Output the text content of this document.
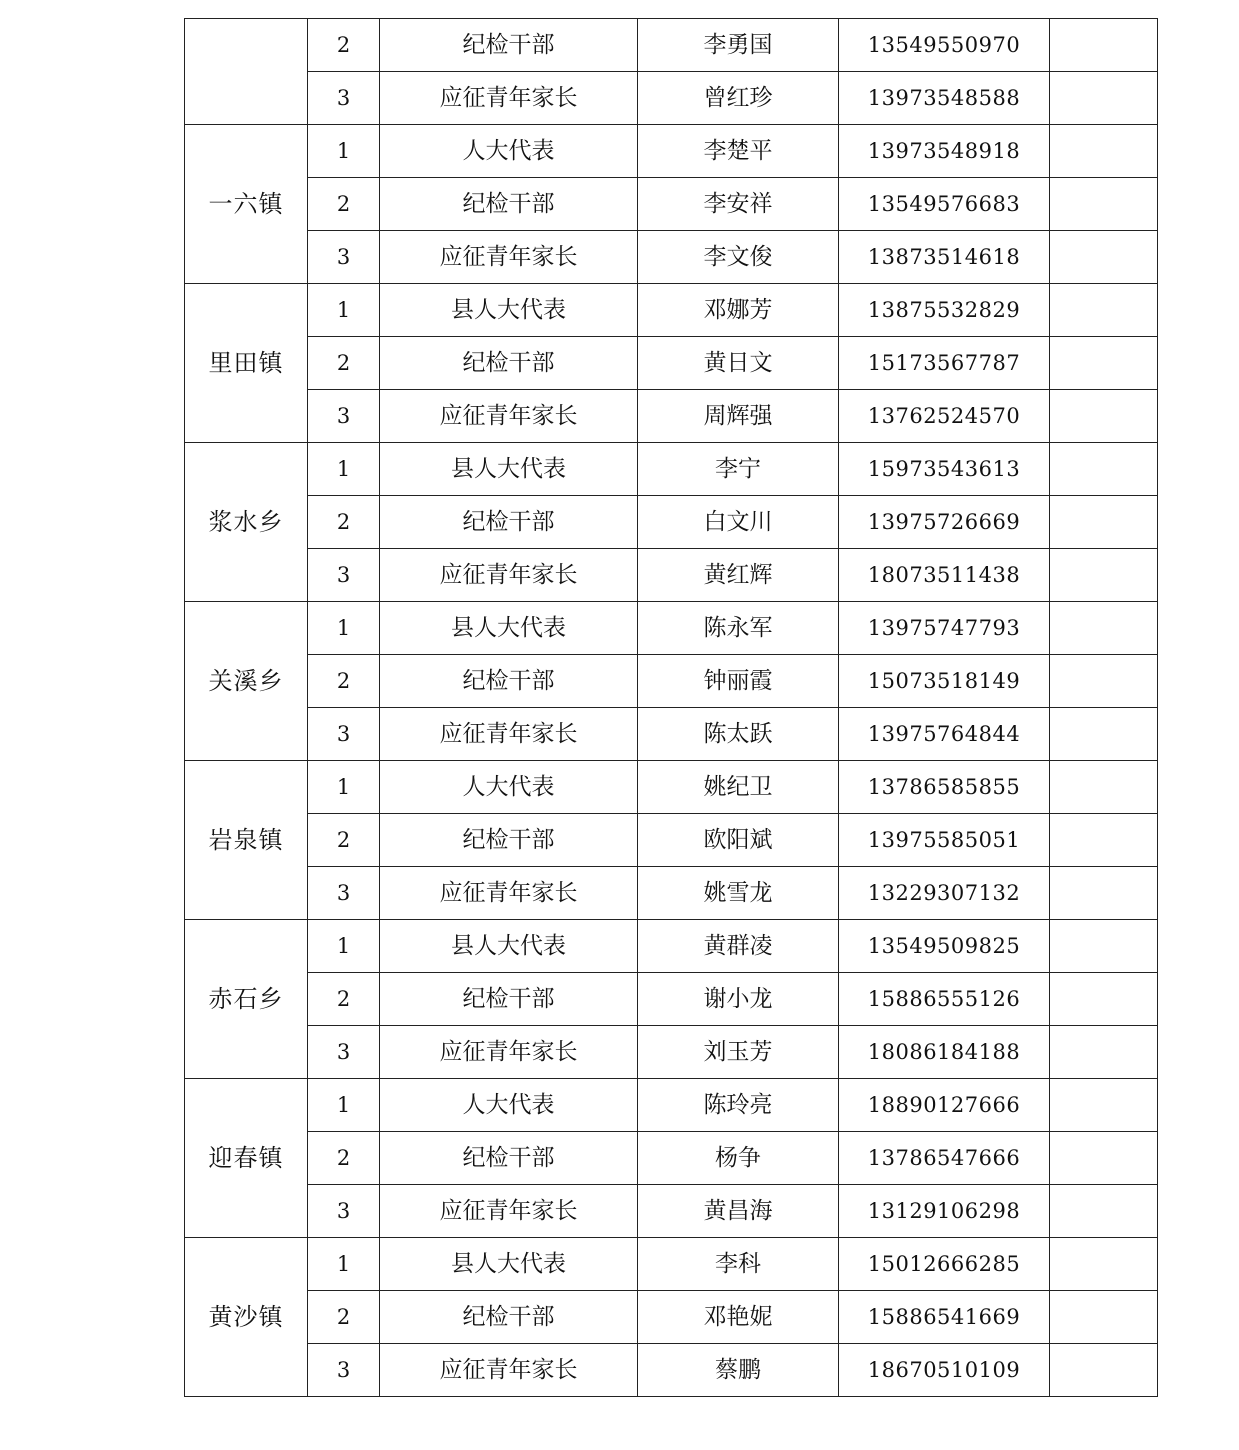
	2	纪检干部	李勇国	13549550970	
	3	应征青年家长	曾红珍	13973548588	
一六镇	1	人大代表	李楚平	13973548918	
	2	纪检干部	李安祥	13549576683	
	3	应征青年家长	李文俊	13873514618	
里田镇	1	县人大代表	邓娜芳	13875532829	
	2	纪检干部	黄日文	15173567787	
	3	应征青年家长	周辉强	13762524570	
浆水乡	1	县人大代表	李宁	15973543613	
	2	纪检干部	白文川	13975726669	
	3	应征青年家长	黄红辉	18073511438	
关溪乡	1	县人大代表	陈永军	13975747793	
	2	纪检干部	钟丽霞	15073518149	
	3	应征青年家长	陈太跃	13975764844	
岩泉镇	1	人大代表	姚纪卫	13786585855	
	2	纪检干部	欧阳斌	13975585051	
	3	应征青年家长	姚雪龙	13229307132	
赤石乡	1	县人大代表	黄群凌	13549509825	
	2	纪检干部	谢小龙	15886555126	
	3	应征青年家长	刘玉芳	18086184188	
迎春镇	1	人大代表	陈玲亮	18890127666	
	2	纪检干部	杨争	13786547666	
	3	应征青年家长	黄昌海	13129106298	
黄沙镇	1	县人大代表	李科	15012666285	
	2	纪检干部	邓艳妮	15886541669	
	3	应征青年家长	蔡鹏	18670510109	
